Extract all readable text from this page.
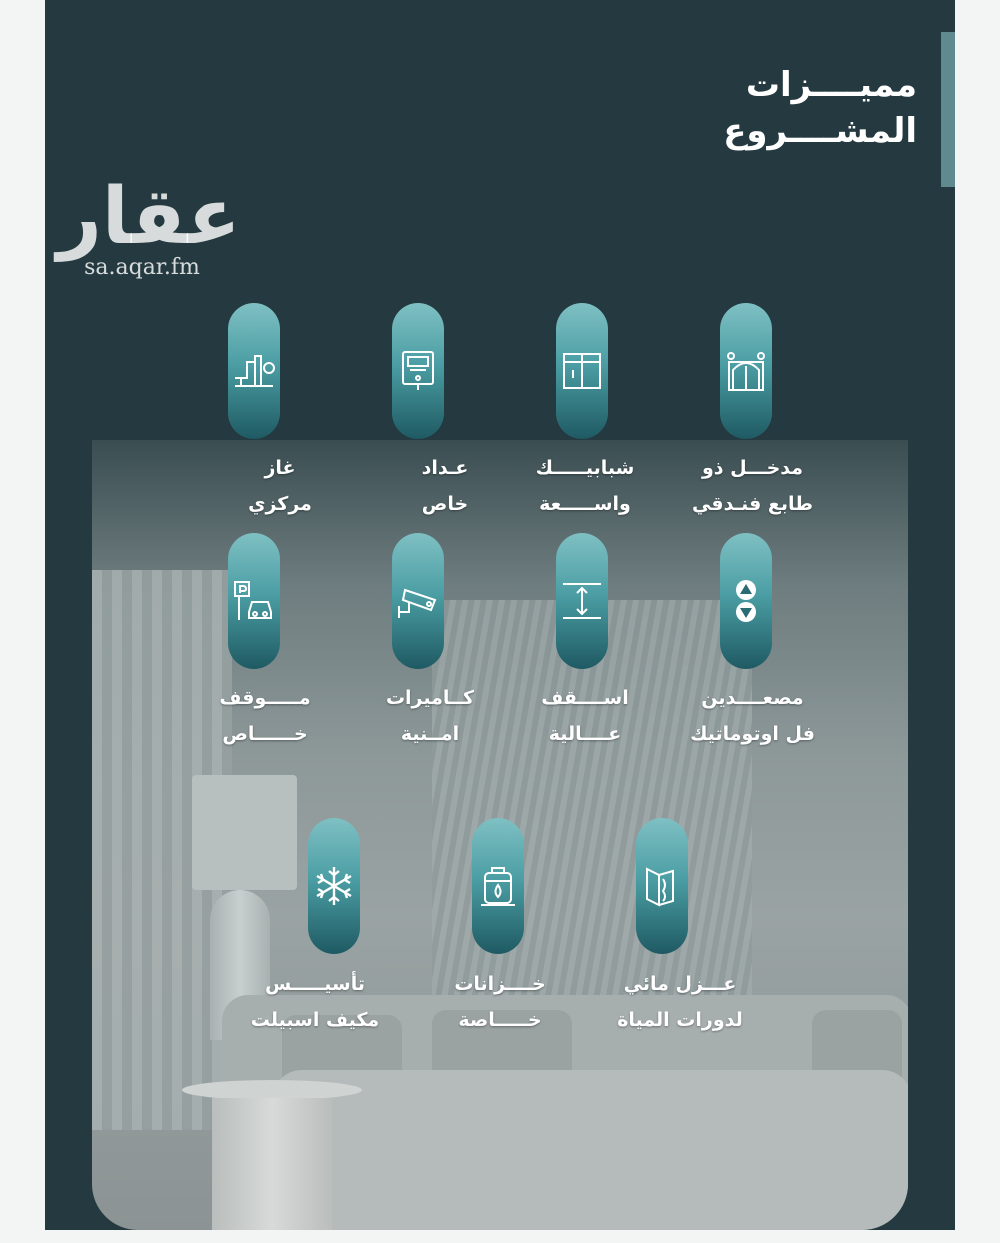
مميــــزات
المشــــروع
عقار
sa.aqar.fm
مدخـــل ذو
طابع فنـدقي
شبابيـــــك
واســـــعة
عـداد
خاص
غاز
مركزي
مصعــــدين
فل اوتوماتيك
اســــقف
عــــالية
كــاميرات
امــنية
مـــــوقف
خــــــاص
عـــزل مائي
لدورات المياة
خــــزانات
خـــــاصة
تأسيـــــس
مكيف اسبيلت
